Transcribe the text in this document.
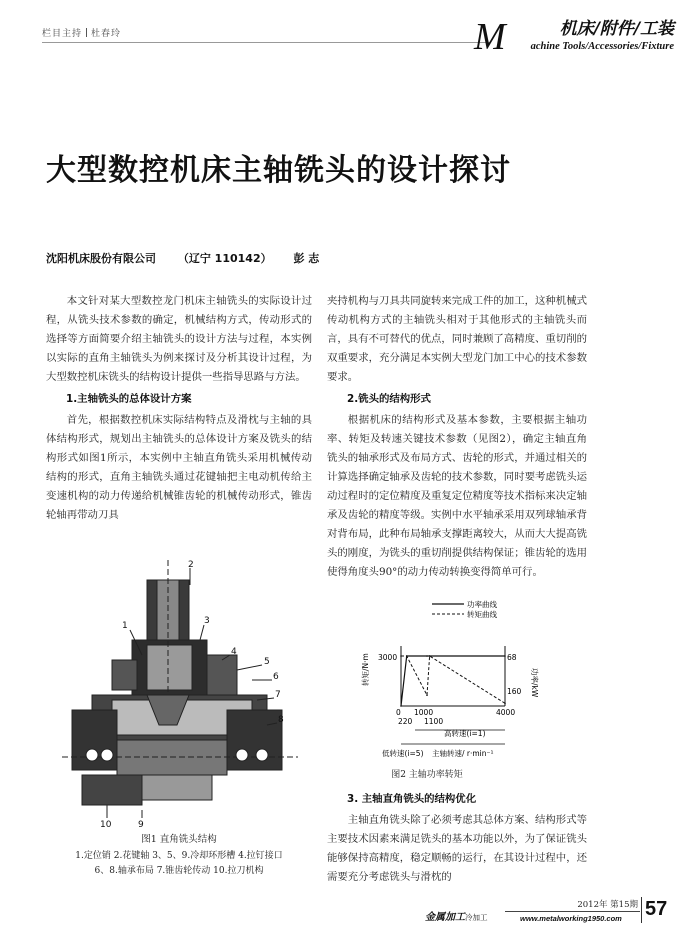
栏目主持 杜春玲	M	机床/附件/工装
achine Tools/Accessories/Fixture
大型数控机床主轴铣头的设计探讨
沈阳机床股份有限公司 （辽宁 110142） 彭 志

本文针对某大型数控龙门机床主轴铣头的实际设计过程，从铣头技术参数的确定，机械结构方式，传动形式的选择等方面简要介绍主轴铣头的设计方法与过程，本实例以实际的直角主轴铣头为例来探讨及分析其设计过程，为大型数控机床铣头的结构设计提供一些指导思路与方法。

1.主轴铣头的总体设计方案

首先，根据数控机床实际结构特点及滑枕与主轴的具体结构形式，规划出主轴铣头的总体设计方案及铣头的结构形式如图1所示，本实例中主轴直角铣头采用机械传动结构的形式，直角主轴铣头通过花键轴把主电动机传给主变速机构的动力传递给机械锥齿轮的机械传动形式，锥齿轮轴再带动刀具

1
2
3
4
5
6
7
8
9
10
图1 直角铣头结构
1.定位销 2.花键轴 3、5、9.冷却环形槽 4.拉钉接口
6、8.轴承布局 7.锥齿轮传动 10.拉刀机构

夹持机构与刀具共同旋转来完成工件的加工，这种机械式传动机构方式的主轴铣头相对于其他形式的主轴铣头而言，具有不可替代的优点，同时兼顾了高精度、重切削的双重要求，充分满足本实例大型龙门加工中心的技术参数要求。

2.铣头的结构形式

根据机床的结构形式及基本参数，主要根据主轴功率、转矩及转速关键技术参数（见图2），确定主轴直角铣头的轴承形式及布局方式、齿轮的形式，并通过相关的计算选择确定轴承及齿轮的技术参数，同时要考虑铣头运动过程时的定位精度及重复定位精度等技术指标来决定轴承及齿轮的精度等级。实例中水平轴承采用双列球轴承背对背布局，此种布局轴承支撑距离较大，从而大大提高铣头的刚度，为铣头的重切削提供结构保证；锥齿轮的选用使得角度头90°的动力传动转换变得简单可行。

功率曲线
转矩曲线
转矩/N·m	功率/kW
3000	68
160
0 1000	4000
220 1100
高转速(i=1)
低转速(i=5) 主轴转速/ r·min⁻¹
图2 主轴功率转矩
3. 主轴直角铣头的结构优化

主轴直角铣头除了必须考虑其总体方案、结构形式等主要技术因素来满足铣头的基本功能以外，为了保证铣头能够保持高精度，稳定顺畅的运行，在其设计过程中，还需要充分考虑铣头与滑枕的

金属加工冷加工
2012年 第15期
www.metalworking1950.com 57
